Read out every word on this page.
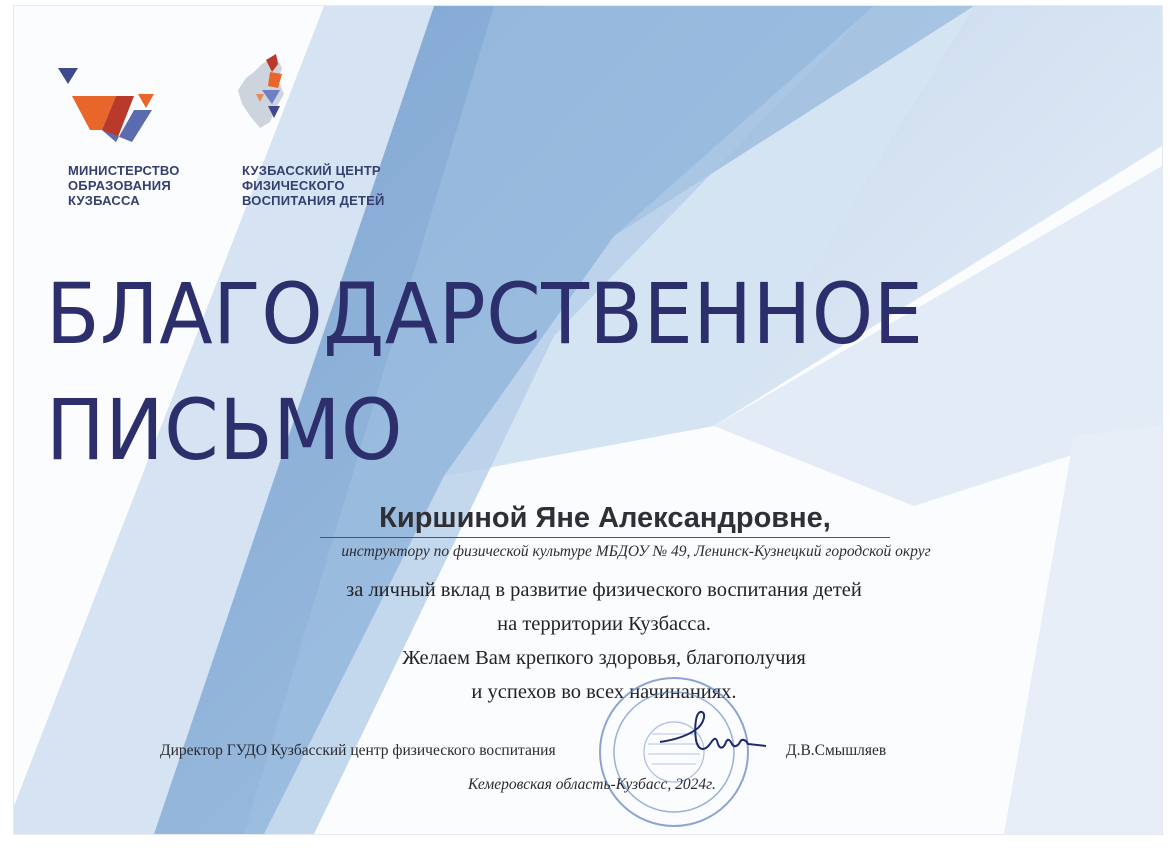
МИНИСТЕРСТВО
ОБРАЗОВАНИЯ
КУЗБАССА
КУЗБАССКИЙ ЦЕНТР
ФИЗИЧЕСКОГО
ВОСПИТАНИЯ ДЕТЕЙ
БЛАГОДАРСТВЕННОЕ
ПИСЬМО
Киршиной Яне Александровне,
инструктору по физической культуре МБДОУ № 49, Ленинск-Кузнецкий городской округ
за личный вклад в развитие физического воспитания детей
на территории Кузбасса.
Желаем Вам крепкого здоровья, благополучия
и успехов во всех начинаниях.
Директор ГУДО Кузбасский центр физического воспитания	Д.В.Смышляев
Кемеровская область-Кузбасс, 2024г.
